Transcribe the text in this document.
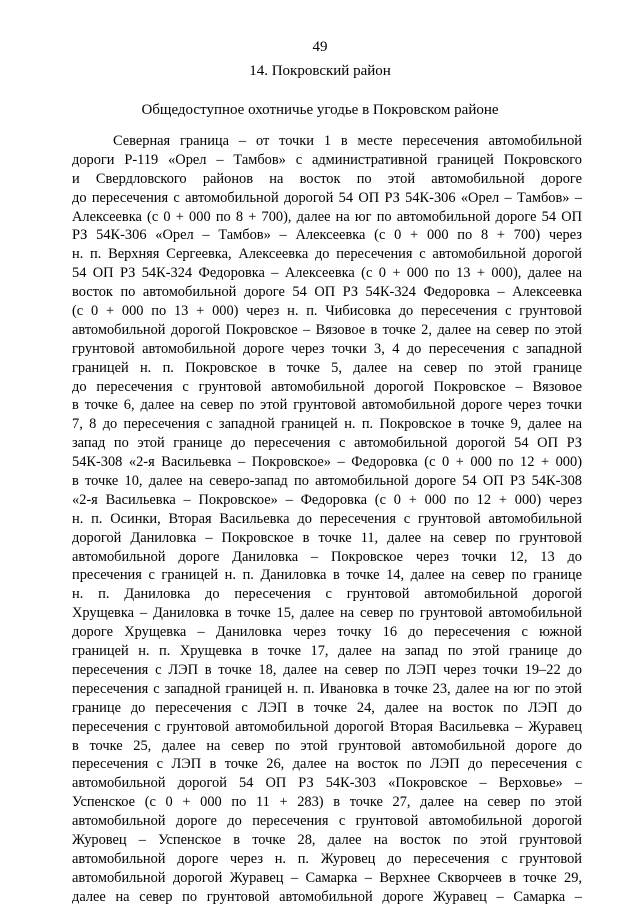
49
14. Покровский район
Общедоступное охотничье угодье в Покровском районе
Северная граница – от точки 1 в месте пересечения автомобильной
дороги Р-119 «Орел – Тамбов» с административной границей Покровского
и Свердловского районов на восток по этой автомобильной дороге
до пересечения с автомобильной дорогой 54 ОП РЗ 54К-306 «Орел – Тамбов» –
Алексеевка (с 0 + 000 по 8 + 700), далее на юг по автомобильной дороге 54 ОП
РЗ 54К-306 «Орел – Тамбов» – Алексеевка (с 0 + 000 по 8 + 700) через
н. п. Верхняя Сергеевка, Алексеевка до пересечения с автомобильной дорогой
54 ОП РЗ 54К-324 Федоровка – Алексеевка (с 0 + 000 по 13 + 000), далее на
восток по автомобильной дороге 54 ОП РЗ 54К-324 Федоровка – Алексеевка
(с 0 + 000 по 13 + 000) через н. п. Чибисовка до пересечения с грунтовой
автомобильной дорогой Покровское – Вязовое в точке 2, далее на север по этой
грунтовой автомобильной дороге через точки 3, 4 до пересечения с западной
границей н. п. Покровское в точке 5, далее на север по этой границе
до пересечения с грунтовой автомобильной дорогой Покровское – Вязовое
в точке 6, далее на север по этой грунтовой автомобильной дороге через точки
7, 8 до пересечения с западной границей н. п. Покровское в точке 9, далее на
запад по этой границе до пересечения с автомобильной дорогой 54 ОП РЗ
54К-308 «2-я Васильевка – Покровское» – Федоровка (с 0 + 000 по 12 + 000)
в точке 10, далее на северо-запад по автомобильной дороге 54 ОП РЗ 54К-308
«2-я Васильевка – Покровское» – Федоровка (с 0 + 000 по 12 + 000) через
н. п. Осинки, Вторая Васильевка до пересечения с грунтовой автомобильной
дорогой Даниловка – Покровское в точке 11, далее на север по грунтовой
автомобильной дороге Даниловка – Покровское через точки 12, 13 до
пресечения с границей н. п. Даниловка в точке 14, далее на север по границе
н. п. Даниловка до пересечения с грунтовой автомобильной дорогой
Хрущевка – Даниловка в точке 15, далее на север по грунтовой автомобильной
дороге Хрущевка – Даниловка через точку 16 до пересечения с южной
границей н. п. Хрущевка в точке 17, далее на запад по этой границе до
пересечения с ЛЭП в точке 18, далее на север по ЛЭП через точки 19–22 до
пересечения с западной границей н. п. Ивановка в точке 23, далее на юг по этой
границе до пересечения с ЛЭП в точке 24, далее на восток по ЛЭП до
пересечения с грунтовой автомобильной дорогой Вторая Васильевка – Журавец
в точке 25, далее на север по этой грунтовой автомобильной дороге до
пересечения с ЛЭП в точке 26, далее на восток по ЛЭП до пересечения с
автомобильной дорогой 54 ОП РЗ 54К-303 «Покровское – Верховье» –
Успенское (с 0 + 000 по 11 + 283) в точке 27, далее на север по этой
автомобильной дороге до пересечения с грунтовой автомобильной дорогой
Журовец – Успенское в точке 28, далее на восток по этой грунтовой
автомобильной дороге через н. п. Журовец до пересечения с грунтовой
автомобильной дорогой Журавец – Самарка – Верхнее Скворчеев в точке 29,
далее на север по грунтовой автомобильной дороге Журавец – Самарка –
